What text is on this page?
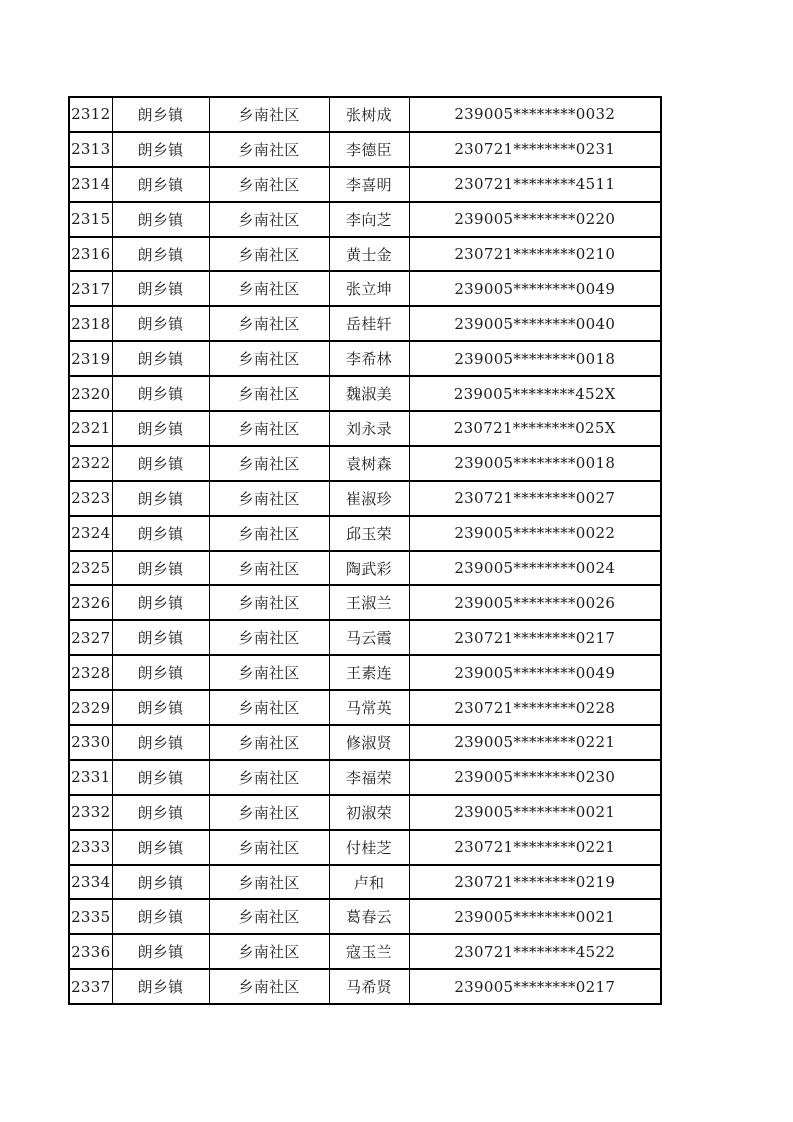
2312	朗乡镇	乡南社区	张树成	239005********0032
2313	朗乡镇	乡南社区	李德臣	230721********0231
2314	朗乡镇	乡南社区	李喜明	230721********4511
2315	朗乡镇	乡南社区	李向芝	239005********0220
2316	朗乡镇	乡南社区	黄士金	230721********0210
2317	朗乡镇	乡南社区	张立坤	239005********0049
2318	朗乡镇	乡南社区	岳桂轩	239005********0040
2319	朗乡镇	乡南社区	李希林	239005********0018
2320	朗乡镇	乡南社区	魏淑美	239005********452X
2321	朗乡镇	乡南社区	刘永录	230721********025X
2322	朗乡镇	乡南社区	袁树森	239005********0018
2323	朗乡镇	乡南社区	崔淑珍	230721********0027
2324	朗乡镇	乡南社区	邱玉荣	239005********0022
2325	朗乡镇	乡南社区	陶武彩	239005********0024
2326	朗乡镇	乡南社区	王淑兰	239005********0026
2327	朗乡镇	乡南社区	马云霞	230721********0217
2328	朗乡镇	乡南社区	王素连	239005********0049
2329	朗乡镇	乡南社区	马常英	230721********0228
2330	朗乡镇	乡南社区	修淑贤	239005********0221
2331	朗乡镇	乡南社区	李福荣	239005********0230
2332	朗乡镇	乡南社区	初淑荣	239005********0021
2333	朗乡镇	乡南社区	付桂芝	230721********0221
2334	朗乡镇	乡南社区	卢和	230721********0219
2335	朗乡镇	乡南社区	葛春云	239005********0021
2336	朗乡镇	乡南社区	寇玉兰	230721********4522
2337	朗乡镇	乡南社区	马希贤	239005********0217
